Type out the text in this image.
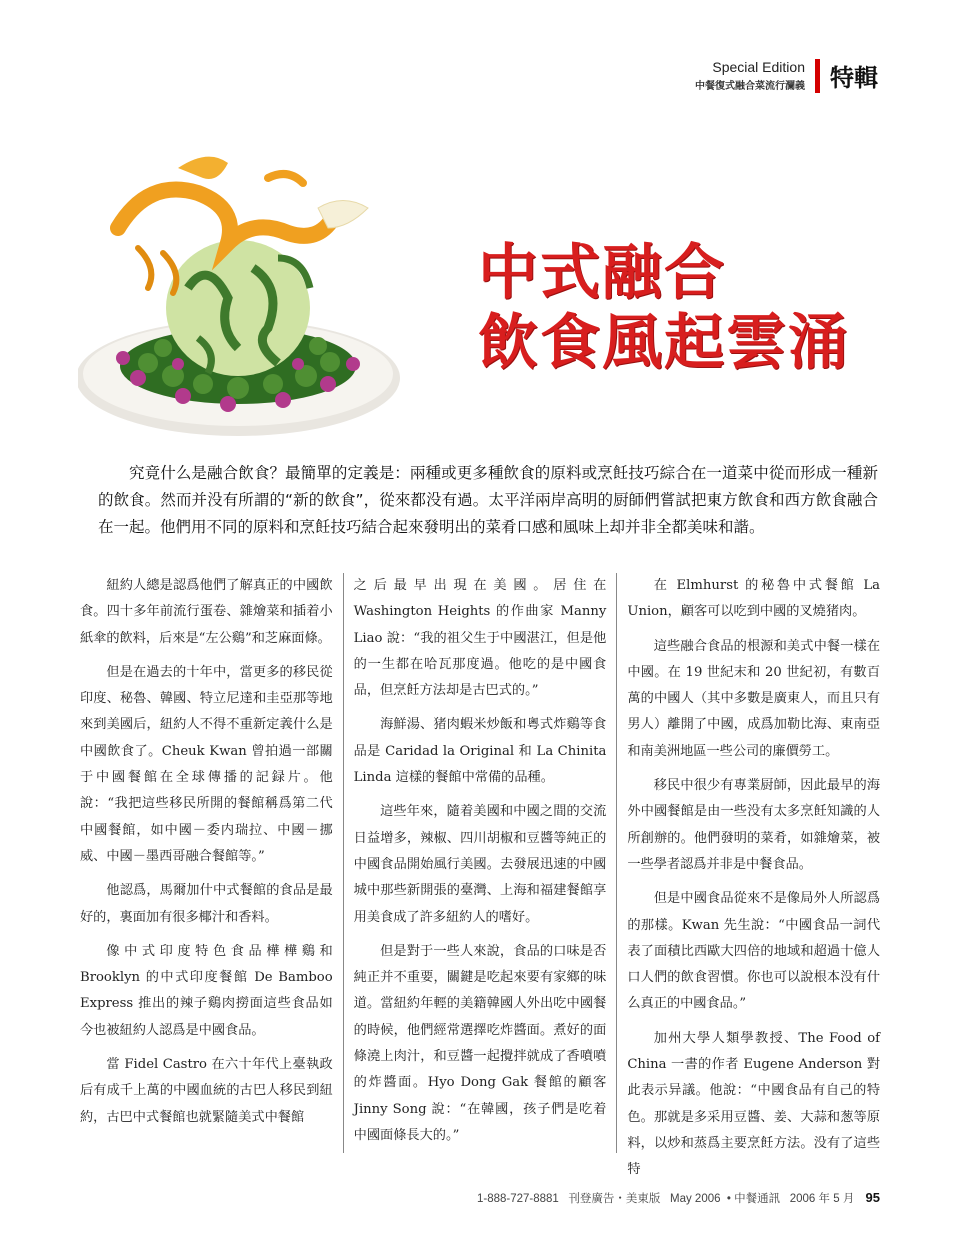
Special Edition
中餐復式融合菜流行瀾義 特輯
中式融合
飲食風起雲涌
究竟什么是融合飲食？最簡單的定義是：兩種或更多種飲食的原料或烹飪技巧綜合在一道菜中從而形成一種新的飲食。然而并没有所謂的“新的飲食”，從來都没有過。太平洋兩岸高明的厨師們嘗試把東方飲食和西方飲食融合在一起。他們用不同的原料和烹飪技巧結合起來發明出的菜肴口感和風味上却并非全都美味和諧。

紐約人總是認爲他們了解真正的中國飲食。四十多年前流行蛋卷、雜燴菜和插着小紙傘的飲料，后來是“左公鷄”和芝麻面條。

但是在過去的十年中，當更多的移民從印度、秘魯、韓國、特立尼達和圭亞那等地來到美國后，紐約人不得不重新定義什么是中國飲食了。Cheuk Kwan 曾拍過一部關于中國餐館在全球傳播的記録片。他說：“我把這些移民所開的餐館稱爲第二代中國餐館，如中國－委内瑞拉、中國－挪威、中國－墨西哥融合餐館等。”

他認爲，馬爾加什中式餐館的食品是最好的，裏面加有很多椰汁和香料。

像中式印度特色食品樺樺鷄和 Brooklyn 的中式印度餐館 De Bamboo Express 推出的辣子鷄肉撈面這些食品如今也被紐約人認爲是中國食品。

當 Fidel Castro 在六十年代上臺執政后有成千上萬的中國血統的古巴人移民到紐約，古巴中式餐館也就緊隨美式中餐館

之后最早出現在美國。居住在 Washington Heights 的作曲家 Manny Liao 說：“我的祖父生于中國湛江，但是他的一生都在哈瓦那度過。他吃的是中國食品，但烹飪方法却是古巴式的。”

海鮮湯、猪肉蝦米炒飯和粵式炸鷄等食品是 Caridad la Original 和 La Chinita Linda 這樣的餐館中常備的品種。

這些年來，隨着美國和中國之間的交流日益增多，辣椒、四川胡椒和豆醬等純正的中國食品開始風行美國。去發展迅速的中國城中那些新開張的臺灣、上海和福建餐館享用美食成了許多紐約人的嗜好。

但是對于一些人來說，食品的口味是否純正并不重要，關鍵是吃起來要有家鄉的味道。當紐約年輕的美籍韓國人外出吃中國餐的時候，他們經常選擇吃炸醬面。煮好的面條澆上肉汁，和豆醬一起攪拌就成了香噴噴的炸醬面。Hyo Dong Gak 餐館的顧客 Jinny Song 說：“在韓國，孩子們是吃着中國面條長大的。”

在 Elmhurst 的秘魯中式餐館 La Union，顧客可以吃到中國的叉燒猪肉。

這些融合食品的根源和美式中餐一樣在中國。在 19 世紀末和 20 世紀初，有數百萬的中國人（其中多數是廣東人，而且只有男人）離開了中國，成爲加勒比海、東南亞和南美洲地區一些公司的廉價勞工。

移民中很少有專業厨師，因此最早的海外中國餐館是由一些没有太多烹飪知識的人所創辦的。他們發明的菜肴，如雜燴菜，被一些學者認爲并非是中餐食品。

但是中國食品從來不是像局外人所認爲的那樣。Kwan 先生說：“中國食品一詞代表了面積比西歐大四倍的地域和超過十億人口人們的飲食習慣。你也可以說根本没有什么真正的中國食品。”

加州大學人類學教授、The Food of China 一書的作者 Eugene Anderson 對此表示异議。他說：“中國食品有自己的特色。那就是多采用豆醬、姜、大蒜和葱等原料，以炒和蒸爲主要烹飪方法。没有了這些特

1-888-727-8881 刊登廣告・美東版 May 2006  • 中餐通訊 2006 年 5 月 95
